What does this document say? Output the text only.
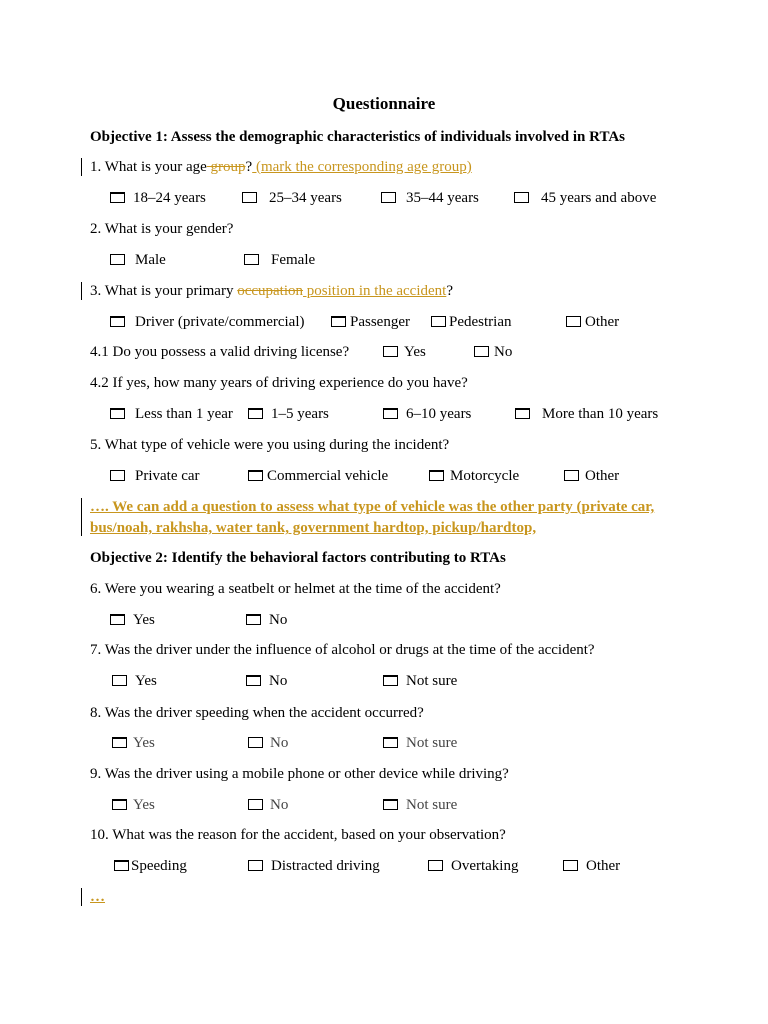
Questionnaire
Objective 1: Assess the demographic characteristics of individuals involved in RTAs
1. What is your age group? (mark the corresponding age group)
18–24 years	25–34 years	35–44 years	45 years and above
2. What is your gender?
Male	Female
3. What is your primary occupation position in the accident?
Driver (private/commercial)	Passenger	Pedestrian	Other
4.1 Do you possess a valid driving license?	Yes	No
4.2 If yes, how many years of driving experience do you have?
Less than 1 year	1–5 years	6–10 years	More than 10 years
5. What type of vehicle were you using during the incident?
Private car	Commercial vehicle	Motorcycle	Other
…. We can add a question to assess what type of vehicle was the other party (private car,
bus/noah, rakhsha, water tank, government hardtop, pickup/hardtop,
Objective 2: Identify the behavioral factors contributing to RTAs
6. Were you wearing a seatbelt or helmet at the time of the accident?
Yes	No
7. Was the driver under the influence of alcohol or drugs at the time of the accident?
Yes	No	Not sure
8. Was the driver speeding when the accident occurred?
Yes	No	Not sure
9. Was the driver using a mobile phone or other device while driving?
Yes	No	Not sure
10. What was the reason for the accident, based on your observation?
Speeding	Distracted driving	Overtaking	Other
…
